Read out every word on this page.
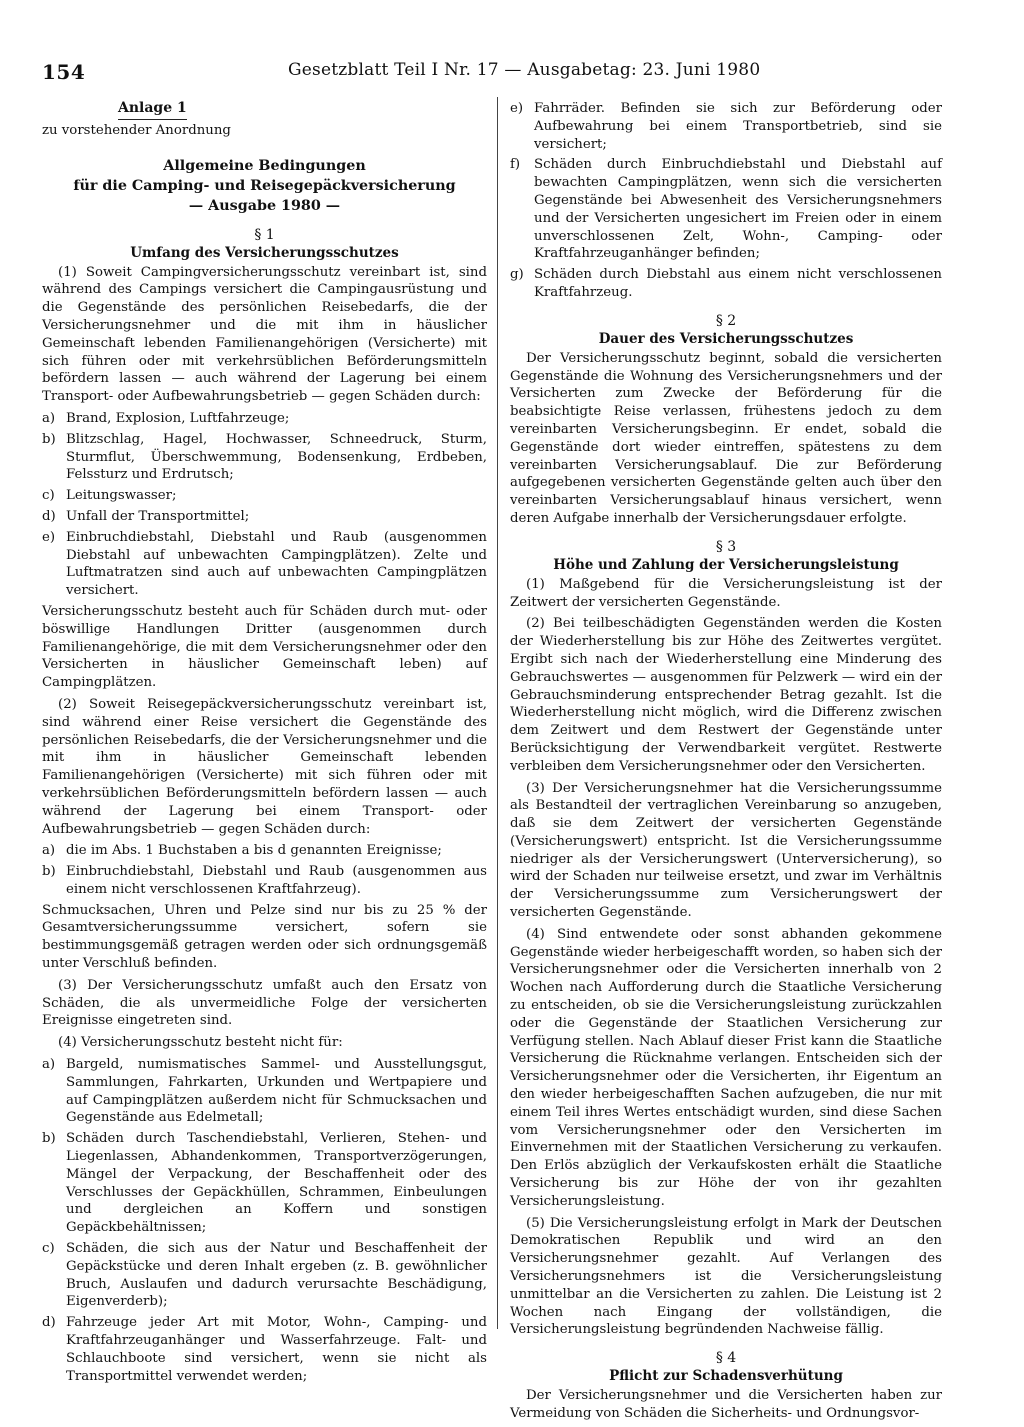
154	Gesetzblatt Teil I Nr. 17 — Ausgabetag: 23. Juni 1980
Anlage 1

zu vorstehender Anordnung

Allgemeine Bedingungen
für die Camping- und Reisegepäckversicherung
— Ausgabe 1980 —
§ 1
Umfang des Versicherungsschutzes

(1) Soweit Campingversicherungsschutz vereinbart ist, sind während des Campings versichert die Campingausrüstung und die Gegenstände des persönlichen Reisebedarfs, die der Versicherungsnehmer und die mit ihm in häuslicher Gemeinschaft lebenden Familienangehörigen (Versicherte) mit sich führen oder mit verkehrsüblichen Beförderungsmitteln befördern lassen — auch während der Lagerung bei einem Transport- oder Aufbewahrungsbetrieb — gegen Schäden durch:

a) Brand, Explosion, Luftfahrzeuge;
b) Blitzschlag, Hagel, Hochwasser, Schneedruck, Sturm, Sturmflut, Überschwemmung, Bodensenkung, Erdbeben, Felssturz und Erdrutsch;
c) Leitungswasser;
d) Unfall der Transportmittel;
e) Einbruchdiebstahl, Diebstahl und Raub (ausgenommen Diebstahl auf unbewachten Campingplätzen). Zelte und Luftmatratzen sind auch auf unbewachten Campingplätzen versichert.

Versicherungsschutz besteht auch für Schäden durch mut- oder böswillige Handlungen Dritter (ausgenommen durch Familienangehörige, die mit dem Versicherungsnehmer oder den Versicherten in häuslicher Gemeinschaft leben) auf Campingplätzen.

(2) Soweit Reisegepäckversicherungsschutz vereinbart ist, sind während einer Reise versichert die Gegenstände des persönlichen Reisebedarfs, die der Versicherungsnehmer und die mit ihm in häuslicher Gemeinschaft lebenden Familienangehörigen (Versicherte) mit sich führen oder mit verkehrsüblichen Beförderungsmitteln befördern lassen — auch während der Lagerung bei einem Transport- oder Aufbewahrungsbetrieb — gegen Schäden durch:

a) die im Abs. 1 Buchstaben a bis d genannten Ereignisse;
b) Einbruchdiebstahl, Diebstahl und Raub (ausgenommen aus einem nicht verschlossenen Kraftfahrzeug).

Schmucksachen, Uhren und Pelze sind nur bis zu 25 % der Gesamtversicherungssumme versichert, sofern sie bestimmungsgemäß getragen werden oder sich ordnungsgemäß unter Verschluß befinden.

(3) Der Versicherungsschutz umfaßt auch den Ersatz von Schäden, die als unvermeidliche Folge der versicherten Ereignisse eingetreten sind.

(4) Versicherungsschutz besteht nicht für:

a) Bargeld, numismatisches Sammel- und Ausstellungsgut, Sammlungen, Fahrkarten, Urkunden und Wertpapiere und auf Campingplätzen außerdem nicht für Schmucksachen und Gegenstände aus Edelmetall;
b) Schäden durch Taschendiebstahl, Verlieren, Stehen- und Liegenlassen, Abhandenkommen, Transportverzögerungen, Mängel der Verpackung, der Beschaffenheit oder des Verschlusses der Gepäckhüllen, Schrammen, Einbeulungen und dergleichen an Koffern und sonstigen Gepäckbehältnissen;
c) Schäden, die sich aus der Natur und Beschaffenheit der Gepäckstücke und deren Inhalt ergeben (z. B. gewöhnlicher Bruch, Auslaufen und dadurch verursachte Beschädigung, Eigenverderb);
d) Fahrzeuge jeder Art mit Motor, Wohn-, Camping- und Kraftfahrzeuganhänger und Wasserfahrzeuge. Falt- und Schlauchboote sind versichert, wenn sie nicht als Transportmittel verwendet werden;
e) Fahrräder. Befinden sie sich zur Beförderung oder Aufbewahrung bei einem Transportbetrieb, sind sie versichert;
f)	Schäden durch Einbruchdiebstahl und Diebstahl auf bewachten Campingplätzen, wenn sich die versicherten Gegenstände bei Abwesenheit des Versicherungsnehmers und der Versicherten ungesichert im Freien oder in einem unverschlossenen Zelt, Wohn-, Camping- oder Kraftfahrzeuganhänger befinden;
g) Schäden durch Diebstahl aus einem nicht verschlossenen Kraftfahrzeug.
§ 2
Dauer des Versicherungsschutzes

Der Versicherungsschutz beginnt, sobald die versicherten Gegenstände die Wohnung des Versicherungsnehmers und der Versicherten zum Zwecke der Beförderung für die beabsichtigte Reise verlassen, frühestens jedoch zu dem vereinbarten Versicherungsbeginn. Er endet, sobald die Gegenstände dort wieder eintreffen, spätestens zu dem vereinbarten Versicherungsablauf. Die zur Beförderung aufgegebenen versicherten Gegenstände gelten auch über den vereinbarten Versicherungsablauf hinaus versichert, wenn deren Aufgabe innerhalb der Versicherungsdauer erfolgte.

§ 3
Höhe und Zahlung der Versicherungsleistung

(1) Maßgebend für die Versicherungsleistung ist der Zeitwert der versicherten Gegenstände.

(2) Bei teilbeschädigten Gegenständen werden die Kosten der Wiederherstellung bis zur Höhe des Zeitwertes vergütet. Ergibt sich nach der Wiederherstellung eine Minderung des Gebrauchswertes — ausgenommen für Pelzwerk — wird ein der Gebrauchsminderung entsprechender Betrag gezahlt. Ist die Wiederherstellung nicht möglich, wird die Differenz zwischen dem Zeitwert und dem Restwert der Gegenstände unter Berücksichtigung der Verwendbarkeit vergütet. Restwerte verbleiben dem Versicherungsnehmer oder den Versicherten.

(3) Der Versicherungsnehmer hat die Versicherungssumme als Bestandteil der vertraglichen Vereinbarung so anzugeben, daß sie dem Zeitwert der versicherten Gegenstände (Versicherungswert) entspricht. Ist die Versicherungssumme niedriger als der Versicherungswert (Unterversicherung), so wird der Schaden nur teilweise ersetzt, und zwar im Verhältnis der Versicherungssumme zum Versicherungswert der versicherten Gegenstände.

(4) Sind entwendete oder sonst abhanden gekommene Gegenstände wieder herbeigeschafft worden, so haben sich der Versicherungsnehmer oder die Versicherten innerhalb von 2 Wochen nach Aufforderung durch die Staatliche Versicherung zu entscheiden, ob sie die Versicherungsleistung zurückzahlen oder die Gegenstände der Staatlichen Versicherung zur Verfügung stellen. Nach Ablauf dieser Frist kann die Staatliche Versicherung die Rücknahme verlangen. Entscheiden sich der Versicherungsnehmer oder die Versicherten, ihr Eigentum an den wieder herbeigeschafften Sachen aufzugeben, die nur mit einem Teil ihres Wertes entschädigt wurden, sind diese Sachen vom Versicherungsnehmer oder den Versicherten im Einvernehmen mit der Staatlichen Versicherung zu verkaufen. Den Erlös abzüglich der Verkaufskosten erhält die Staatliche Versicherung bis zur Höhe der von ihr gezahlten Versicherungsleistung.

(5) Die Versicherungsleistung erfolgt in Mark der Deutschen Demokratischen Republik und wird an den Versicherungsnehmer gezahlt. Auf Verlangen des Versicherungsnehmers ist die Versicherungsleistung unmittelbar an die Versicherten zu zahlen. Die Leistung ist 2 Wochen nach Eingang der vollständigen, die Versicherungsleistung begründenden Nachweise fällig.

§ 4
Pflicht zur Schadensverhütung

Der Versicherungsnehmer und die Versicherten haben zur Vermeidung von Schäden die Sicherheits- und Ordnungsvor-
